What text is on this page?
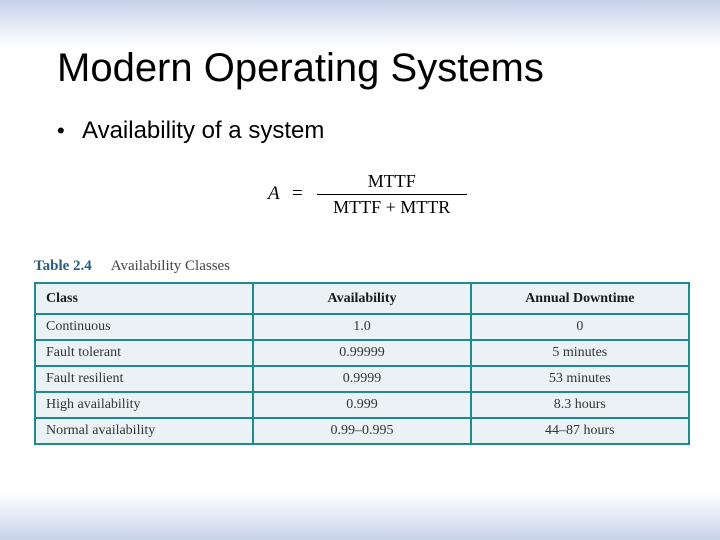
Modern Operating Systems
• Availability of a system
$A = \frac{\text{MTTF}}{\text{MTTF + MTTR}}$
Table 2.4 Availability Classes
Class	Availability	Annual Downtime
Continuous	1.0	0
Fault tolerant	0.99999	5 minutes
Fault resilient	0.9999	53 minutes
High availability	0.999	8.3 hours
Normal availability	0.99–0.995	44–87 hours
